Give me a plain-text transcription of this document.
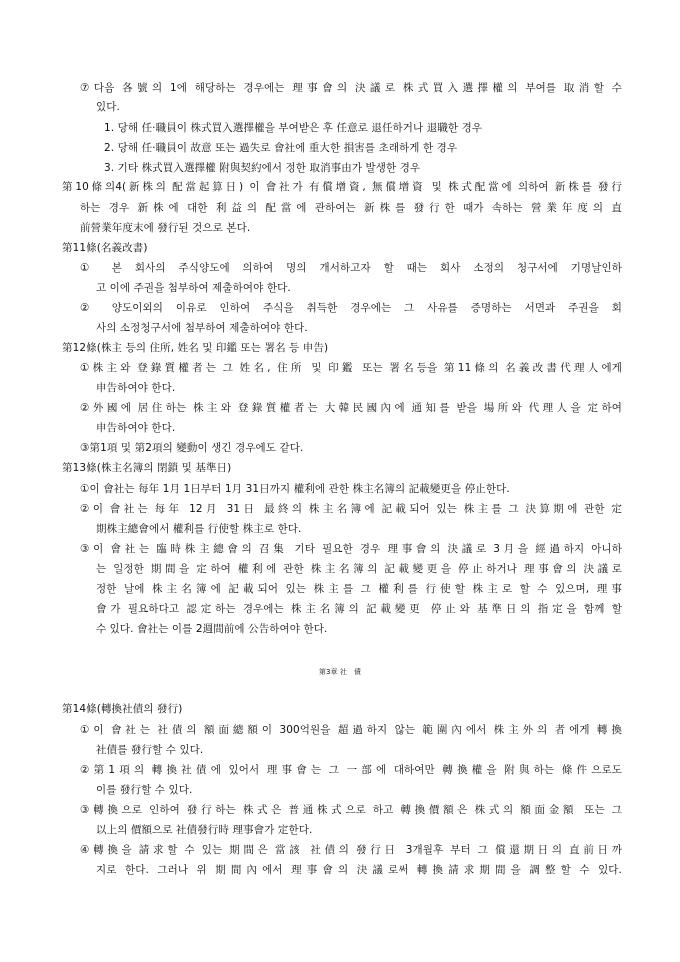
⑦다음 各號의 1에 해당하는 경우에는 理事會의 決議로 株式買入選擇權의 부여를 取消할 수
있다.
1. 당해 任·職員이 株式買入選擇權을 부여받은 후 任意로 退任하거나 退職한 경우
2. 당해 任·職員이 故意 또는 過失로 會社에 重大한 損害를 초래하게 한 경우
3. 기타 株式買入選擇權 附與契約에서 정한 取消事由가 발생한 경우
第10條의4(新株의 配當起算日) 이 會社가 有償增資, 無償增資 및 株式配當에 의하여 新株를 發行
하는 경우 新株에 대한 利益의 配當에 관하여는 新株를 發行한 때가 속하는 營業年度의 直
前營業年度末에 發行된 것으로 본다.
第11條(名義改書)
① 본 회사의 주식양도에 의하여 명의 개서하고자 할 때는 회사 소정의 청구서에 기명날인하
고 이에 주권을 첨부하여 제출하여야 한다.
② 양도이외의 이유로 인하여 주식을 취득한 경우에는 그 사유를 증명하는 서면과 주권을 회
사의 소정청구서에 첨부하여 제출하여야 한다.
第12條(株主 등의 住所, 姓名 및 印鑑 또는 署名 등 申告)
①株主와 登錄質權者는 그 姓名, 住所 및 印鑑 또는 署名등을 第11條의 名義改書代理人에게
申告하여야 한다.
②外國에 居住하는 株主와 登錄質權者는 大韓民國內에 通知를 받을 場所와 代理人을 定하여
申告하여야 한다.
③第1項 및 第2項의 變動이 생긴 경우에도 같다.
第13條(株主名簿의 閉鎖 및 基準日)
①이 會社는 每年 1月 1日부터 1月 31日까지 權利에 관한 株主名簿의 記載變更을 停止한다.
②이 會社는 每年 12月 31日 最終의 株主名簿에 記載되어 있는 株主를 그 決算期에 관한 定
期株主總會에서 權利를 行使할 株主로 한다.
③이 會社는 臨時株主總會의 召集 기타 필요한 경우 理事會의 決議로 3月을 經過하지 아니하
는 일정한 期間을 定하여 權利에 관한 株主名簿의 記載變更을 停止하거나 理事會의 決議로
정한 날에 株主名簿에 記載되어 있는 株主를 그 權利를 行使할 株主로 할 수 있으며, 理事
會가 필요하다고 認定하는 경우에는 株主名簿의 記載變更 停止와 基準日의 指定을 함께 할
수 있다. 會社는 이를 2週間前에 公告하여야 한다.
第3章 社   債
第14條(轉換社債의 發行)
①이 會社는 社債의 額面總額이 300억원을 超過하지 않는 範圍內에서 株主外의 者에게 轉換
社債를 發行할 수 있다.
②第1項의 轉換社債에 있어서 理事會는 그 一部에 대하여만 轉換權을 附與하는 條件으로도
이를 發行할 수 있다.
③轉換으로 인하여 發行하는 株式은 普通株式으로 하고 轉換價額은 株式의 額面金額 또는 그
以上의 價額으로 社債發行時 理事會가 定한다.
④轉換을 請求할 수 있는 期間은 當該 社債의 發行日 3개월후 부터 그 償還期日의 直前日까
지로 한다. 그러나 위 期間內에서 理事會의 決議로써 轉換請求期間을 調整할 수 있다.
